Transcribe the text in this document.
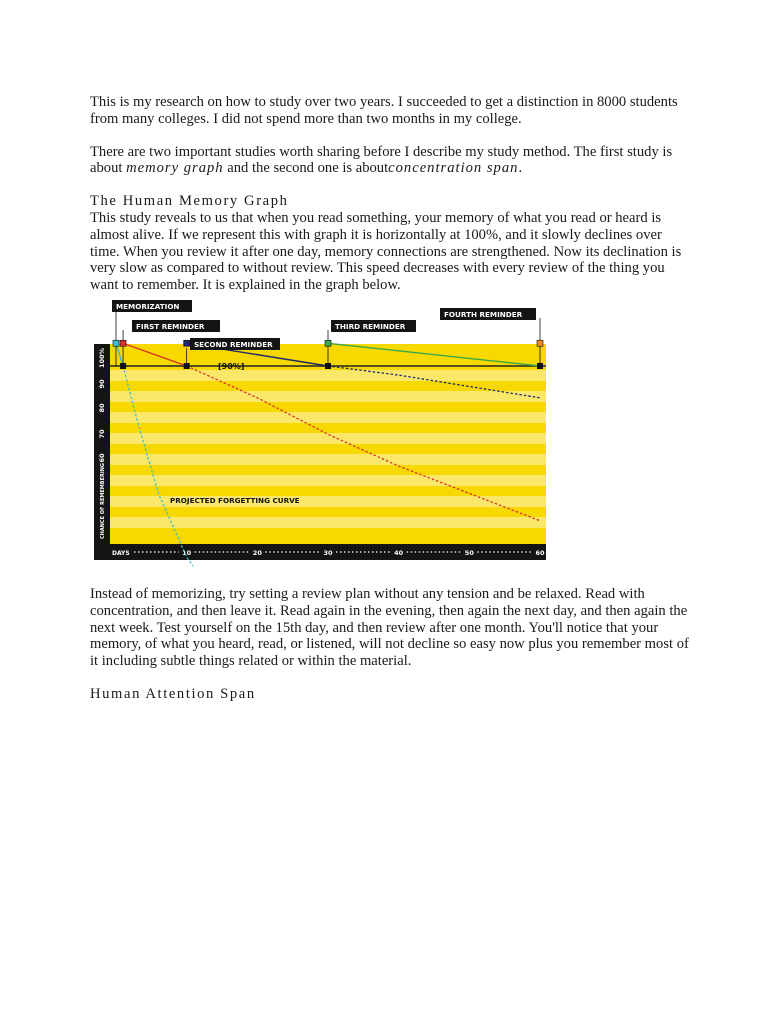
This is my research on how to study over two years. I succeeded to get a distinction in 8000 students from many colleges. I did not spend more than two months in my college.

There are two important studies worth sharing before I describe my study method. The first study is about memory graph and the second one is aboutconcentration span.

The Human Memory Graph

This study reveals to us that when you read something, your memory of what you read or heard is almost alive. If we represent this with graph it is horizontally at 100%, and it slowly declines over time. When you review it after one day, memory connections are strengthened. Now its declination is very slow as compared to without review. This speed decreases with every review of the thing you want to remember. It is explained in the graph below.

100%
90
80
70
60
CHANCE OF REMEMBERING
DAYS	10	20	30	40	50	60
[90%]
MEMORIZATION
FIRST REMINDER
SECOND REMINDER
THIRD REMINDER
FOURTH REMINDER
PROJECTED FORGETTING CURVE

Instead of memorizing, try setting a review plan without any tension and be relaxed. Read with concentration, and then leave it. Read again in the evening, then again the next day, and then again the next week. Test yourself on the 15th day, and then review after one month. You'll notice that your memory, of what you heard, read, or listened, will not decline so easy now plus you remember most of it including subtle things related or within the material.

Human Attention Span
